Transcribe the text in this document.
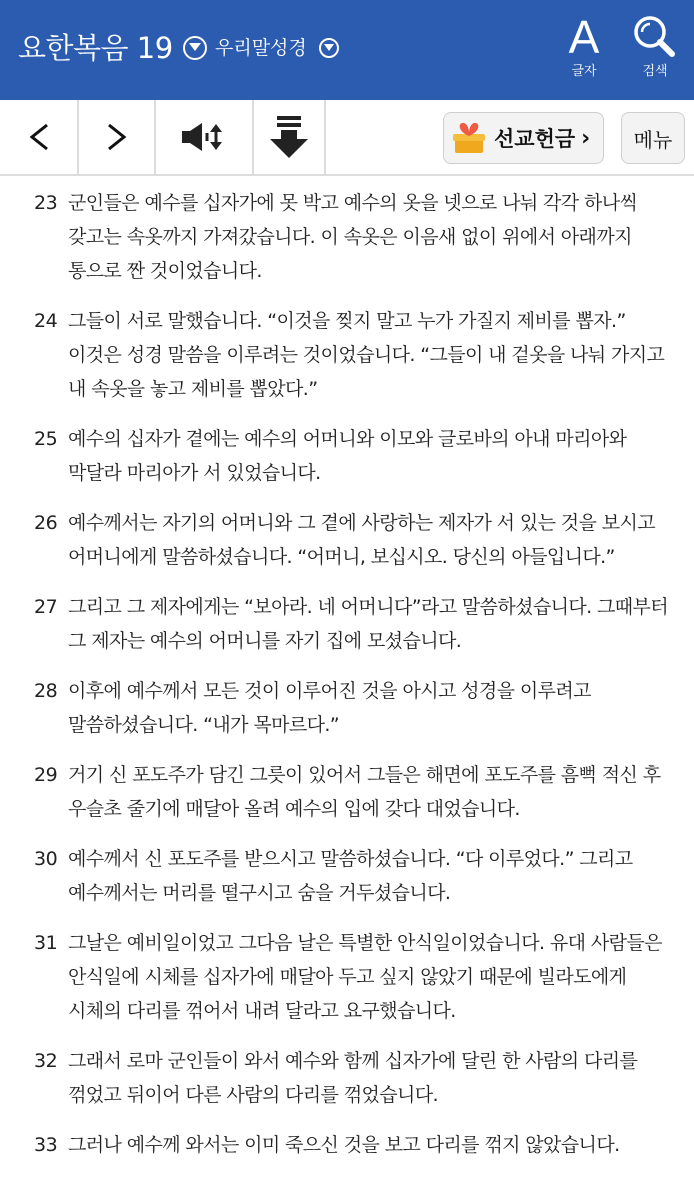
요한복음 19 우리말성경	A
글자	검색
선교헌금 ›	메뉴
23 군인들은 예수를 십자가에 못 박고 예수의 옷을 넷으로 나눠 각각 하나씩 갖고는 속옷까지 가져갔습니다. 이 속옷은 이음새 없이 위에서 아래까지 통으로 짠 것이었습니다.
24 그들이 서로 말했습니다. “이것을 찢지 말고 누가 가질지 제비를 뽑자.” 이것은 성경 말씀을 이루려는 것이었습니다. “그들이 내 겉옷을 나눠 가지고 내 속옷을 놓고 제비를 뽑았다.”
25 예수의 십자가 곁에는 예수의 어머니와 이모와 글로바의 아내 마리아와 막달라 마리아가 서 있었습니다.
26 예수께서는 자기의 어머니와 그 곁에 사랑하는 제자가 서 있는 것을 보시고 어머니에게 말씀하셨습니다. “어머니, 보십시오. 당신의 아들입니다.”
27 그리고 그 제자에게는 “보아라. 네 어머니다”라고 말씀하셨습니다. 그때부터 그 제자는 예수의 어머니를 자기 집에 모셨습니다.
28 이후에 예수께서 모든 것이 이루어진 것을 아시고 성경을 이루려고 말씀하셨습니다. “내가 목마르다.”
29 거기 신 포도주가 담긴 그릇이 있어서 그들은 해면에 포도주를 흠뻑 적신 후 우슬초 줄기에 매달아 올려 예수의 입에 갖다 대었습니다.
30 예수께서 신 포도주를 받으시고 말씀하셨습니다. “다 이루었다.” 그리고 예수께서는 머리를 떨구시고 숨을 거두셨습니다.
31 그날은 예비일이었고 그다음 날은 특별한 안식일이었습니다. 유대 사람들은 안식일에 시체를 십자가에 매달아 두고 싶지 않았기 때문에 빌라도에게 시체의 다리를 꺾어서 내려 달라고 요구했습니다.
32 그래서 로마 군인들이 와서 예수와 함께 십자가에 달린 한 사람의 다리를 꺾었고 뒤이어 다른 사람의 다리를 꺾었습니다.
33 그러나 예수께 와서는 이미 죽으신 것을 보고 다리를 꺾지 않았습니다.
